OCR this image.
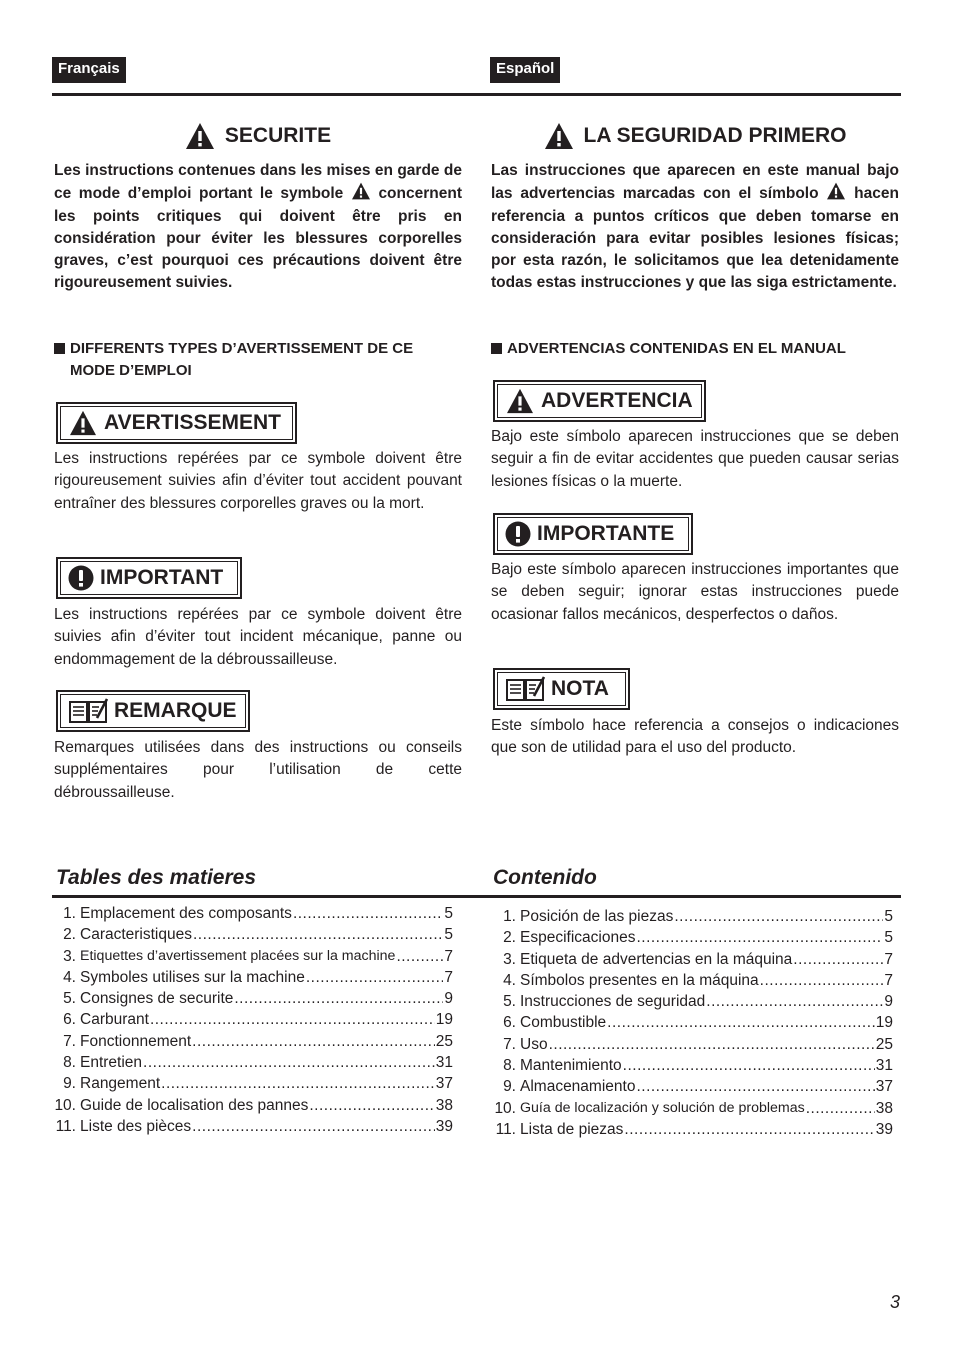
Français	Español
SECURITE

Les instructions contenues dans les mises en garde de ce mode d’emploi portant le symbole concernent les points critiques qui doivent être pris en considération pour éviter les blessures corporelles graves, c’est pourquoi ces précautions doivent être rigoureusement suivies.

DIFFERENTS TYPES D’AVERTISSEMENT DE CE MODE D’EMPLOI

AVERTISSEMENT

Les instructions repérées par ce symbole doivent être rigoureusement suivies afin d’éviter tout accident pouvant entraîner des blessures corporelles graves ou la mort.

IMPORTANT

Les instructions repérées par ce symbole doivent être suivies afin d’éviter tout incident mécanique, panne ou endommagement de la débroussailleuse.

REMARQUE

Remarques utilisées dans des instructions ou conseils supplémentaires pour l’utilisation de cette débroussailleuse.

LA SEGURIDAD PRIMERO

Las instrucciones que aparecen en este manual bajo las advertencias marcadas con el símbolo hacen referencia a puntos críticos que deben tomarse en consideración para evitar posibles lesiones físicas; por esta razón, le solicitamos que lea detenidamente todas estas instrucciones y que las siga estrictamente.

ADVERTENCIAS CONTENIDAS EN EL MANUAL

ADVERTENCIA

Bajo este símbolo aparecen instrucciones que se deben seguir a fin de evitar accidentes que pueden causar serias lesiones físicas o la muerte.

IMPORTANTE

Bajo este símbolo aparecen instrucciones importantes que se deben seguir; ignorar estas instrucciones puede ocasionar fallos mecánicos, desperfectos o daños.

NOTA

Este símbolo hace referencia a consejos o indicaciones que son de utilidad para el uso del producto.

Tables des matieres	Contenido
1. Emplacement des composants .....	5
2. Caracteristiques .....	5
3. Etiquettes d’avertissement placées sur la machine .....	7
4. Symboles utilises sur la machine .....	7
5. Consignes de securite .....	9
6. Carburant .....	19
7. Fonctionnement .....	25
8. Entretien .....	31
9. Rangement .....	37
10. Guide de localisation des pannes .....	38
11. Liste des pièces .....	39
1. Posición de las piezas .....	5
2. Especificaciones .....	5
3. Etiqueta de advertencias en la máquina .....	7
4. Símbolos presentes en la máquina .....	7
5. Instrucciones de seguridad .....	9
6. Combustible .....	19
7. Uso .....	25
8. Mantenimiento .....	31
9. Almacenamiento .....	37
10. Guía de localización y solución de problemas .....	38
11. Lista de piezas .....	39
3
